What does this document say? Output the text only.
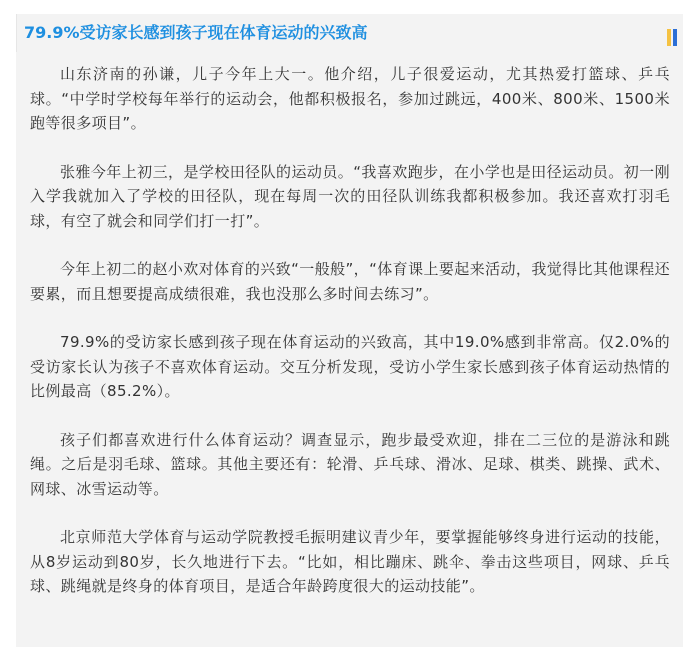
79.9%受访家长感到孩子现在体育运动的兴致高

山东济南的孙谦，儿子今年上大一。他介绍，儿子很爱运动，尤其热爱打篮球、乒乓球。“中学时学校每年举行的运动会，他都积极报名，参加过跳远，400米、800米、1500米跑等很多项目”。

张雅今年上初三，是学校田径队的运动员。“我喜欢跑步，在小学也是田径运动员。初一刚入学我就加入了学校的田径队，现在每周一次的田径队训练我都积极参加。我还喜欢打羽毛球，有空了就会和同学们打一打”。

今年上初二的赵小欢对体育的兴致“一般般”，“体育课上要起来活动，我觉得比其他课程还要累，而且想要提高成绩很难，我也没那么多时间去练习”。

79.9%的受访家长感到孩子现在体育运动的兴致高，其中19.0%感到非常高。仅2.0%的受访家长认为孩子不喜欢体育运动。交互分析发现，受访小学生家长感到孩子体育运动热情的比例最高（85.2%）。

孩子们都喜欢进行什么体育运动？调查显示，跑步最受欢迎，排在二三位的是游泳和跳绳。之后是羽毛球、篮球。其他主要还有：轮滑、乒乓球、滑冰、足球、棋类、跳操、武术、网球、冰雪运动等。

北京师范大学体育与运动学院教授毛振明建议青少年，要掌握能够终身进行运动的技能，从8岁运动到80岁，长久地进行下去。“比如，相比蹦床、跳伞、拳击这些项目，网球、乒乓球、跳绳就是终身的体育项目，是适合年龄跨度很大的运动技能”。
